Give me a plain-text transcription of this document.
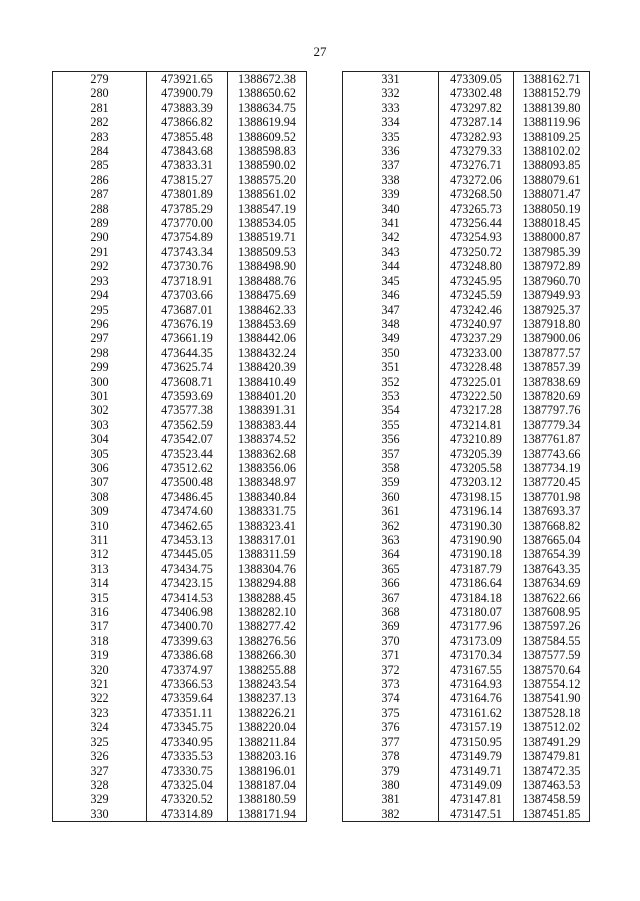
27
279	473921.65	1388672.38
280	473900.79	1388650.62
281	473883.39	1388634.75
282	473866.82	1388619.94
283	473855.48	1388609.52
284	473843.68	1388598.83
285	473833.31	1388590.02
286	473815.27	1388575.20
287	473801.89	1388561.02
288	473785.29	1388547.19
289	473770.00	1388534.05
290	473754.89	1388519.71
291	473743.34	1388509.53
292	473730.76	1388498.90
293	473718.91	1388488.76
294	473703.66	1388475.69
295	473687.01	1388462.33
296	473676.19	1388453.69
297	473661.19	1388442.06
298	473644.35	1388432.24
299	473625.74	1388420.39
300	473608.71	1388410.49
301	473593.69	1388401.20
302	473577.38	1388391.31
303	473562.59	1388383.44
304	473542.07	1388374.52
305	473523.44	1388362.68
306	473512.62	1388356.06
307	473500.48	1388348.97
308	473486.45	1388340.84
309	473474.60	1388331.75
310	473462.65	1388323.41
311	473453.13	1388317.01
312	473445.05	1388311.59
313	473434.75	1388304.76
314	473423.15	1388294.88
315	473414.53	1388288.45
316	473406.98	1388282.10
317	473400.70	1388277.42
318	473399.63	1388276.56
319	473386.68	1388266.30
320	473374.97	1388255.88
321	473366.53	1388243.54
322	473359.64	1388237.13
323	473351.11	1388226.21
324	473345.75	1388220.04
325	473340.95	1388211.84
326	473335.53	1388203.16
327	473330.75	1388196.01
328	473325.04	1388187.04
329	473320.52	1388180.59
330	473314.89	1388171.94
331	473309.05	1388162.71
332	473302.48	1388152.79
333	473297.82	1388139.80
334	473287.14	1388119.96
335	473282.93	1388109.25
336	473279.33	1388102.02
337	473276.71	1388093.85
338	473272.06	1388079.61
339	473268.50	1388071.47
340	473265.73	1388050.19
341	473256.44	1388018.45
342	473254.93	1388000.87
343	473250.72	1387985.39
344	473248.80	1387972.89
345	473245.95	1387960.70
346	473245.59	1387949.93
347	473242.46	1387925.37
348	473240.97	1387918.80
349	473237.29	1387900.06
350	473233.00	1387877.57
351	473228.48	1387857.39
352	473225.01	1387838.69
353	473222.50	1387820.69
354	473217.28	1387797.76
355	473214.81	1387779.34
356	473210.89	1387761.87
357	473205.39	1387743.66
358	473205.58	1387734.19
359	473203.12	1387720.45
360	473198.15	1387701.98
361	473196.14	1387693.37
362	473190.30	1387668.82
363	473190.90	1387665.04
364	473190.18	1387654.39
365	473187.79	1387643.35
366	473186.64	1387634.69
367	473184.18	1387622.66
368	473180.07	1387608.95
369	473177.96	1387597.26
370	473173.09	1387584.55
371	473170.34	1387577.59
372	473167.55	1387570.64
373	473164.93	1387554.12
374	473164.76	1387541.90
375	473161.62	1387528.18
376	473157.19	1387512.02
377	473150.95	1387491.29
378	473149.79	1387479.81
379	473149.71	1387472.35
380	473149.09	1387463.53
381	473147.81	1387458.59
382	473147.51	1387451.85
